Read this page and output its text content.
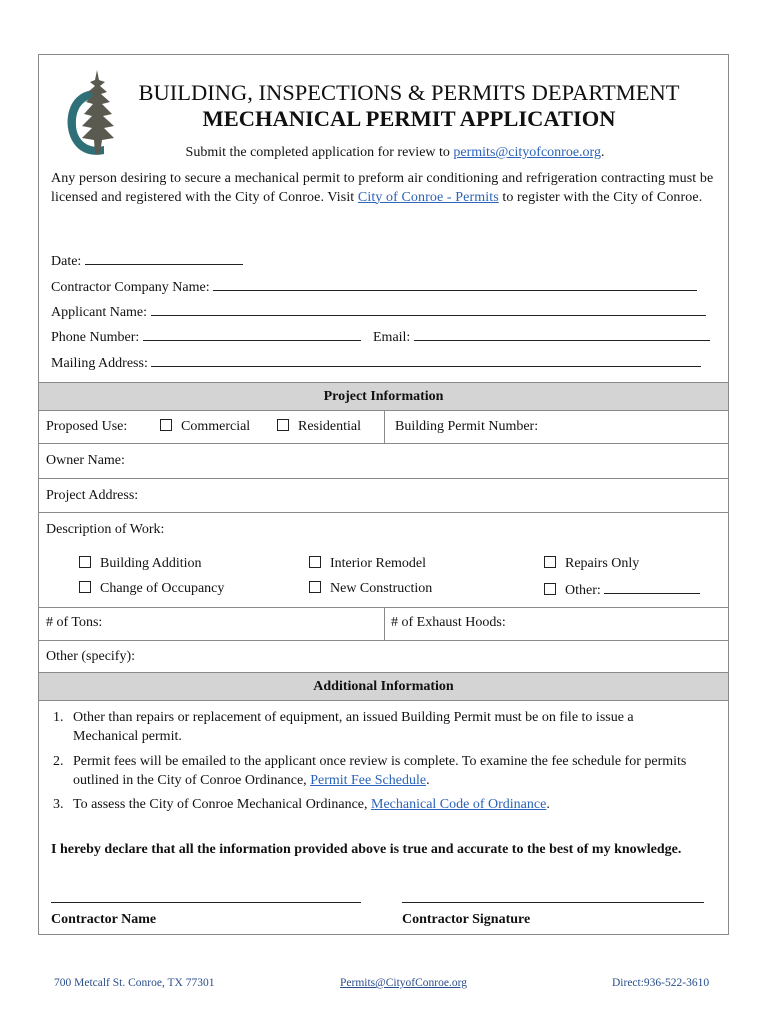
BUILDING, INSPECTIONS & PERMITS DEPARTMENT
MECHANICAL PERMIT APPLICATION
Submit the completed application for review to permits@cityofconroe.org.
Any person desiring to secure a mechanical permit to preform air conditioning and refrigeration contracting must be licensed and registered with the City of Conroe. Visit City of Conroe - Permits to register with the City of Conroe.
Date:
Contractor Company Name:
Applicant Name:
Phone Number:	Email:
Mailing Address:
Project Information
Proposed Use:	Commercial	Residential Building Permit Number:
Owner Name:
Project Address:
Description of Work:
Building Addition	Interior Remodel	Repairs Only
Change of Occupancy	New Construction	Other:
# of Tons:	# of Exhaust Hoods:
Other (specify):
Additional Information
1. Other than repairs or replacement of equipment, an issued Building Permit must be on file to issue a Mechanical permit.
2. Permit fees will be emailed to the applicant once review is complete. To examine the fee schedule for permits outlined in the City of Conroe Ordinance, Permit Fee Schedule.
3. To assess the City of Conroe Mechanical Ordinance, Mechanical Code of Ordinance.
I hereby declare that all the information provided above is true and accurate to the best of my knowledge.
Contractor Name	Contractor Signature
700 Metcalf St. Conroe, TX 77301	Permits@CityofConroe.org	Direct:936-522-3610
